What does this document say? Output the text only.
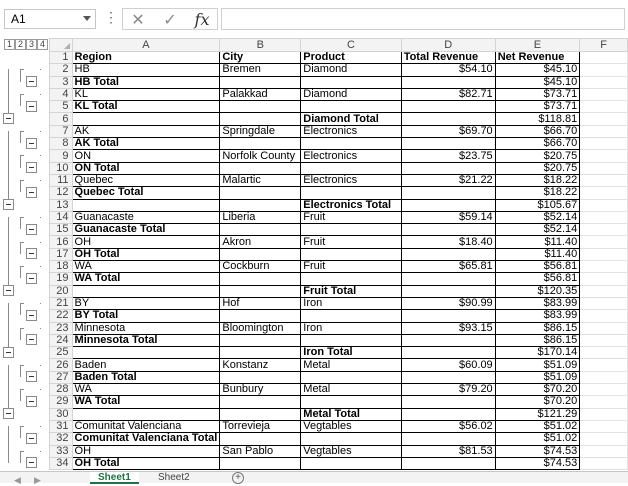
A1	⋮ ✕	✓	fx
1 2 3 4
		A	B	C	D	E	F
1	Region	City	Product	Total Revenue	Net Revenue	
2	HB	Bremen	Diamond	$54.10	$45.10	
3	HB Total				$45.10	
4	KL	Palakkad	Diamond	$82.71	$73.71	
5	KL Total				$73.71	
6			Diamond Total		$118.81	
7	AK	Springdale	Electronics	$69.70	$66.70	
8	AK Total				$66.70	
9	ON	Norfolk County	Electronics	$23.75	$20.75	
10	ON Total				$20.75	
11	Quebec	Malartic	Electronics	$21.22	$18.22	
12	Quebec Total				$18.22	
13			Electronics Total		$105.67	
14	Guanacaste	Liberia	Fruit	$59.14	$52.14	
15	Guanacaste Total				$52.14	
16	OH	Akron	Fruit	$18.40	$11.40	
17	OH Total				$11.40	
18	WA	Cockburn	Fruit	$65.81	$56.81	
19	WA Total				$56.81	
20			Fruit Total		$120.35	
21	BY	Hof	Iron	$90.99	$83.99	
22	BY Total				$83.99	
23	Minnesota	Bloomington	Iron	$93.15	$86.15	
24	Minnesota Total				$86.15	
25			Iron Total		$170.14	
26	Baden	Konstanz	Metal	$60.09	$51.09	
27	Baden Total				$51.09	
28	WA	Bunbury	Metal	$79.20	$70.20	
29	WA Total				$70.20	
30			Metal Total		$121.29	
31	Comunitat Valenciana	Torrevieja	Vegtables	$56.02	$51.02	
32	Comunitat Valenciana Total				$51.02	
33	OH	San Pablo	Vegtables	$81.53	$74.53	
34	OH Total				$74.53	
◀ ▶	Sheet1	Sheet2	+
